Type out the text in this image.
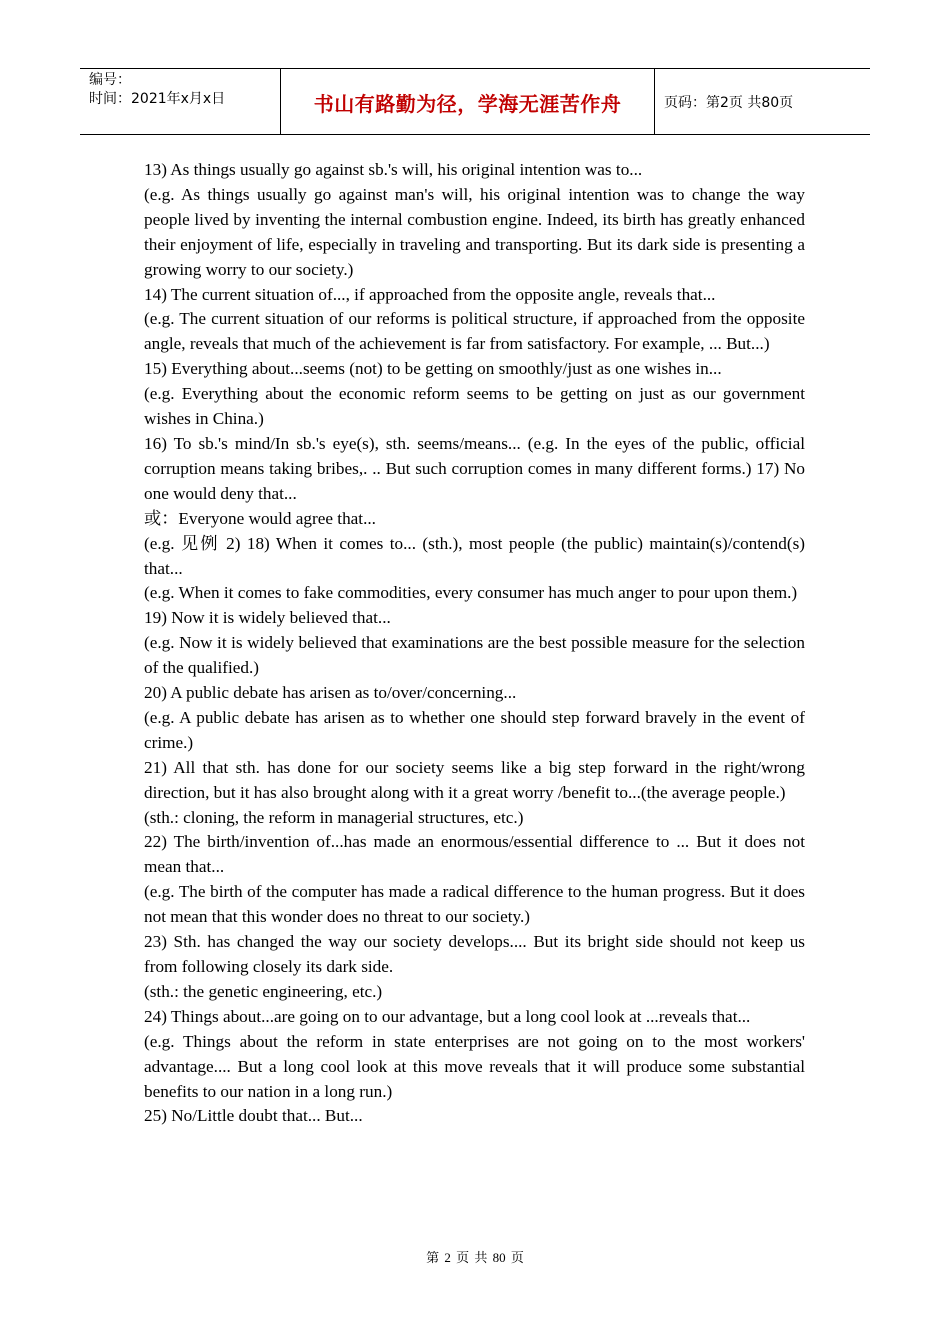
编号：
时间：2021年x月x日	书山有路勤为径，学海无涯苦作舟	页码：第2页 共80页

13) As things usually go against sb.'s will, his original intention was to...

(e.g. As things usually go against man's will, his original intention was to change the way people lived by inventing the internal combustion engine. Indeed, its birth has greatly enhanced their enjoyment of life, especially in traveling and transporting. But its dark side is presenting a growing worry to our society.)

14) The current situation of..., if approached from the opposite angle, reveals that...

(e.g. The current situation of our reforms is political structure, if approached from the opposite angle, reveals that much of the achievement is far from satisfactory. For example, ... But...)

15) Everything about...seems (not) to be getting on smoothly/just as one wishes in...

(e.g. Everything about the economic reform seems to be getting on just as our government wishes in China.)

16) To sb.'s mind/In sb.'s eye(s), sth. seems/means... (e.g. In the eyes of the public, official corruption means taking bribes,. .. But such corruption comes in many different forms.) 17) No one would deny that...

或：Everyone would agree that...

(e.g. 见例 2) 18) When it comes to... (sth.), most people (the public) maintain(s)/contend(s) that...

(e.g. When it comes to fake commodities, every consumer has much anger to pour upon them.)

19) Now it is widely believed that...

(e.g. Now it is widely believed that examinations are the best possible measure for the selection of the qualified.)

20) A public debate has arisen as to/over/concerning...

(e.g. A public debate has arisen as to whether one should step forward bravely in the event of crime.)

21) All that sth. has done for our society seems like a big step forward in the right/wrong direction, but it has also brought along with it a great worry /benefit to...(the average people.)

(sth.: cloning, the reform in managerial structures, etc.)

22) The birth/invention of...has made an enormous/essential difference to ... But it does not mean that...

(e.g. The birth of the computer has made a radical difference to the human progress. But it does not mean that this wonder does no threat to our society.)

23) Sth. has changed the way our society develops.... But its bright side should not keep us from following closely its dark side.

(sth.: the genetic engineering, etc.)

24) Things about...are going on to our advantage, but a long cool look at ...reveals that...

(e.g. Things about the reform in state enterprises are not going on to the most workers' advantage.... But a long cool look at this move reveals that it will produce some substantial benefits to our nation in a long run.)

25) No/Little doubt that... But...

第 2 页 共 80 页
